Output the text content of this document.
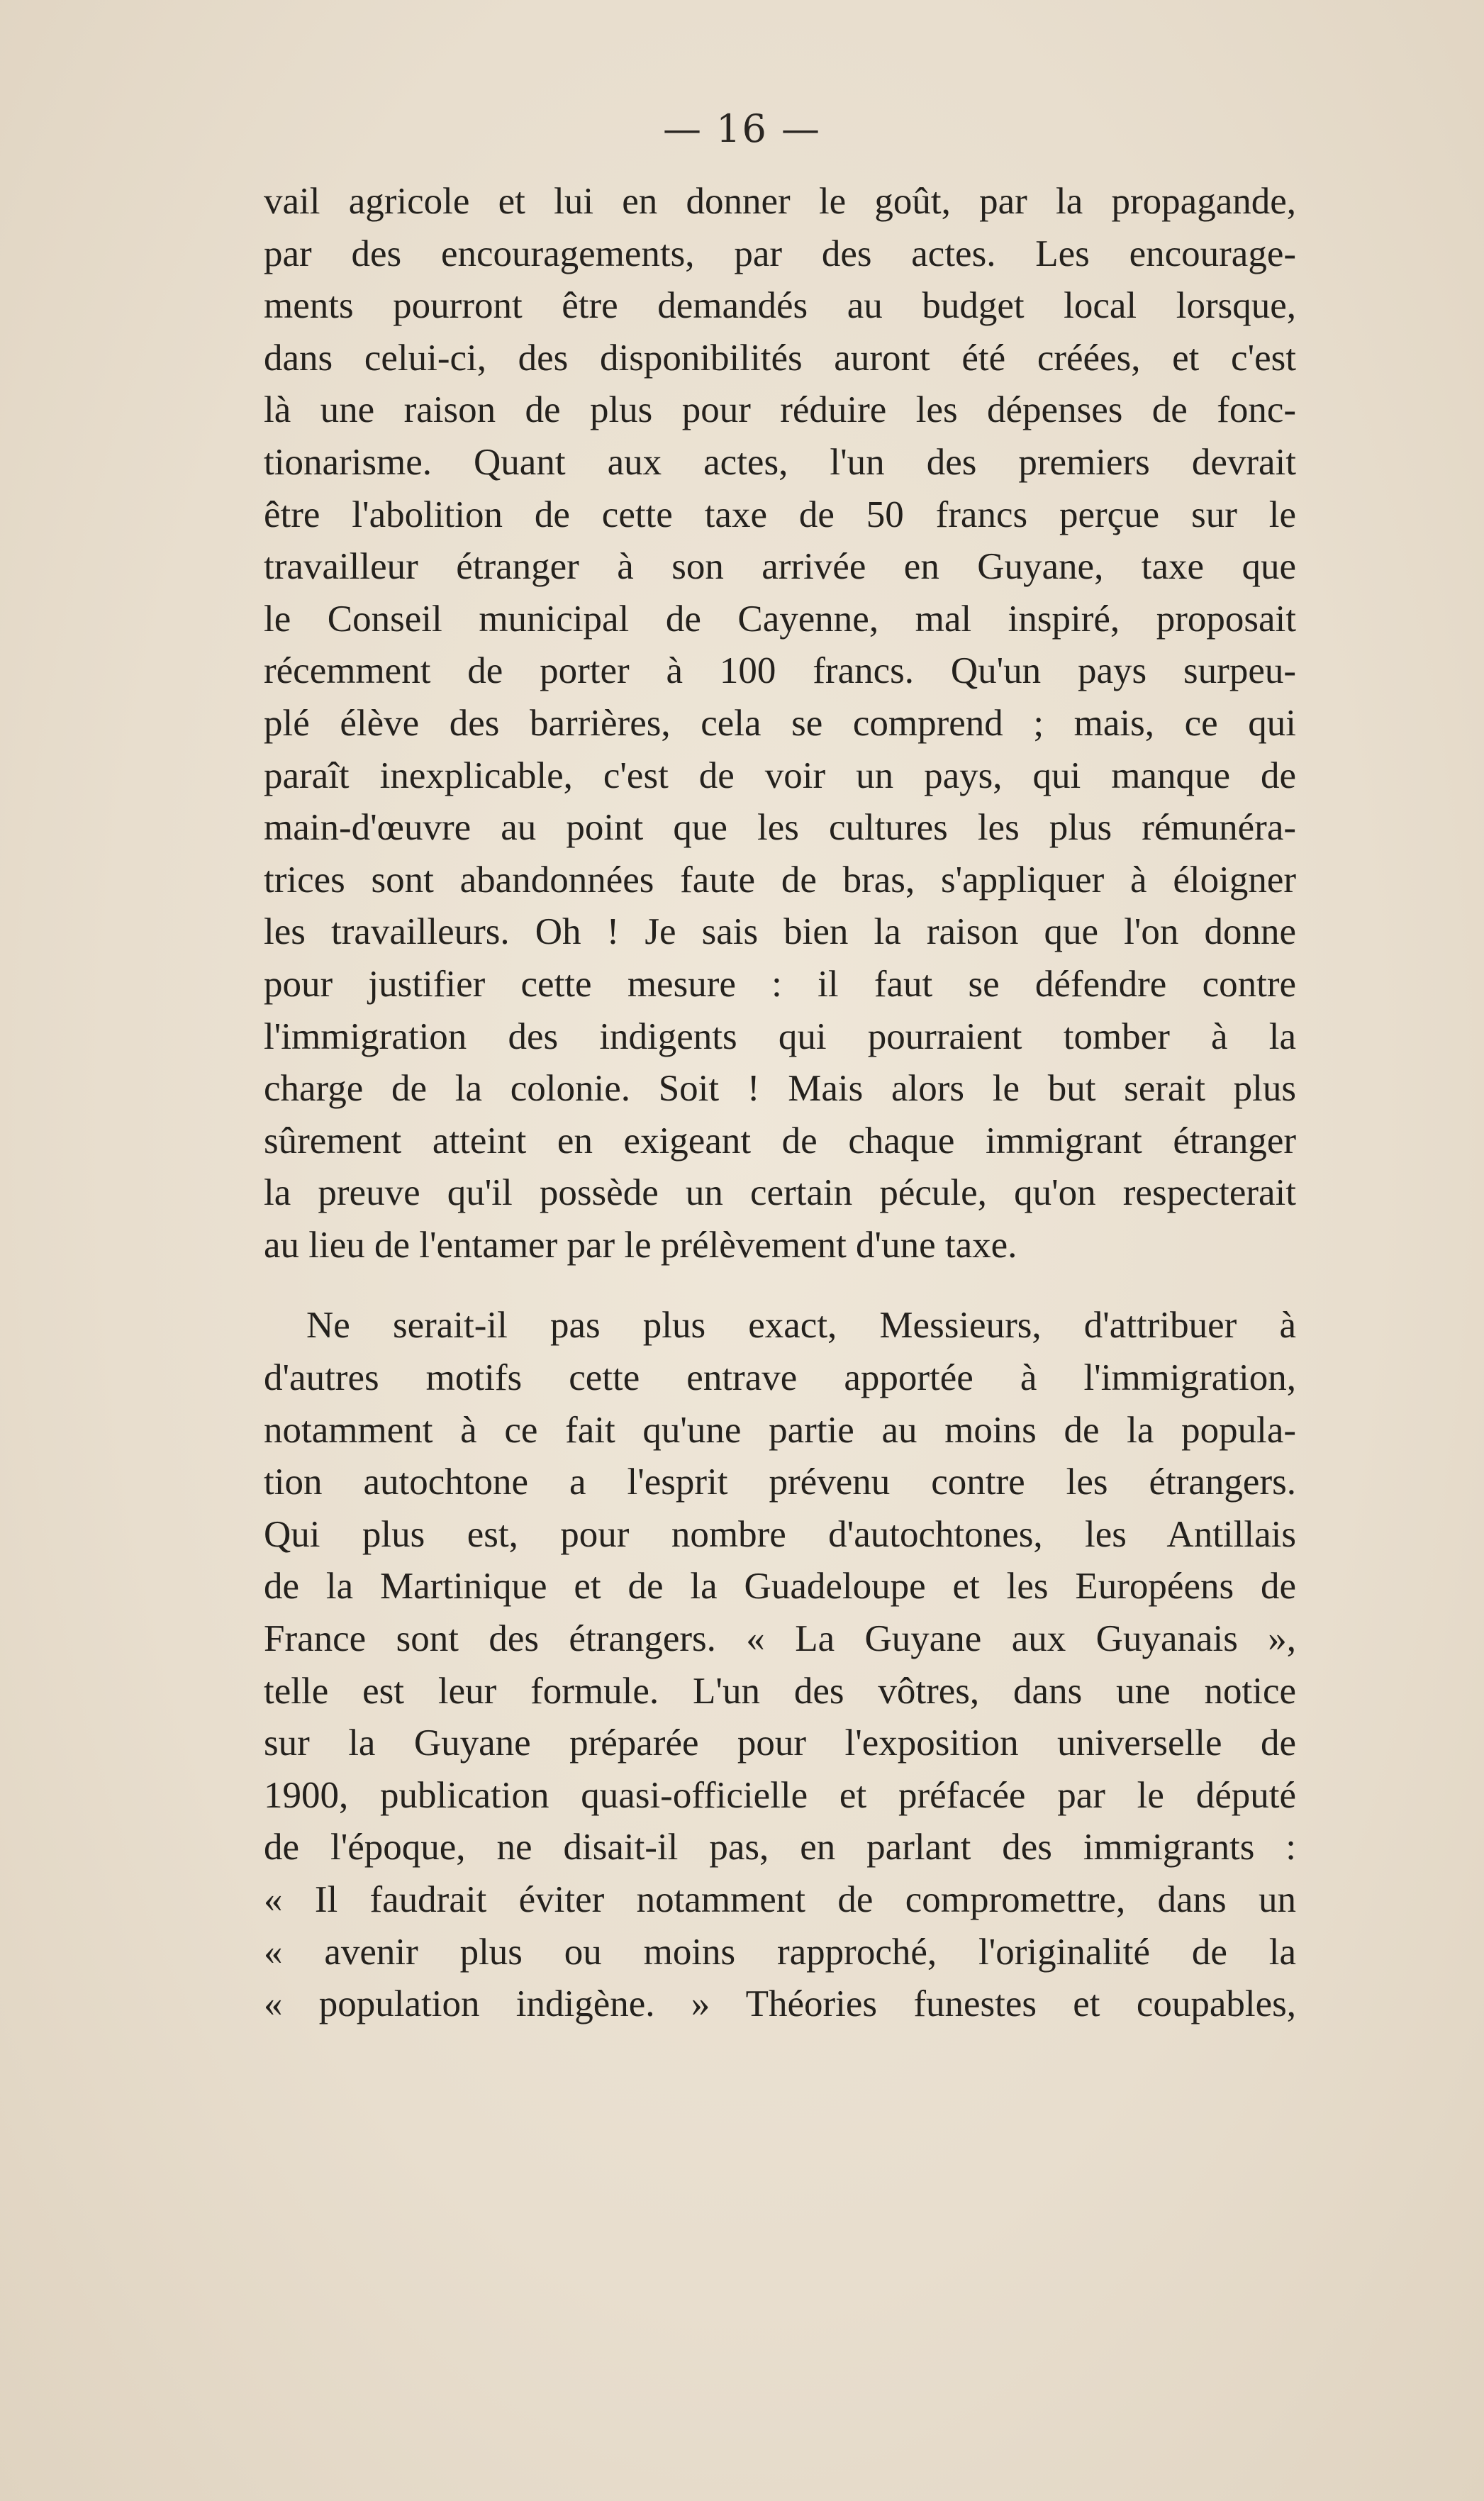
— 16 —

vail agricole et lui en donner le goût, par la propagande,
par des encouragements, par des actes. Les encourage-
ments pourront être demandés au budget local lorsque,
dans celui-ci, des disponibilités auront été créées, et c'est
là une raison de plus pour réduire les dépenses de fonc-
tionarisme. Quant aux actes, l'un des premiers devrait
être l'abolition de cette taxe de 50 francs perçue sur le
travailleur étranger à son arrivée en Guyane, taxe que
le Conseil municipal de Cayenne, mal inspiré, proposait
récemment de porter à 100 francs. Qu'un pays surpeu-
plé élève des barrières, cela se comprend ; mais, ce qui
paraît inexplicable, c'est de voir un pays, qui manque de
main-d'œuvre au point que les cultures les plus rémunéra-
trices sont abandonnées faute de bras, s'appliquer à éloigner
les travailleurs. Oh ! Je sais bien la raison que l'on donne
pour justifier cette mesure : il faut se défendre contre
l'immigration des indigents qui pourraient tomber à la
charge de la colonie. Soit ! Mais alors le but serait plus
sûrement atteint en exigeant de chaque immigrant étranger
la preuve qu'il possède un certain pécule, qu'on respecterait
au lieu de l'entamer par le prélèvement d'une taxe.

Ne serait-il pas plus exact, Messieurs, d'attribuer à
d'autres motifs cette entrave apportée à l'immigration,
notamment à ce fait qu'une partie au moins de la popula-
tion autochtone a l'esprit prévenu contre les étrangers.
Qui plus est, pour nombre d'autochtones, les Antillais
de la Martinique et de la Guadeloupe et les Européens de
France sont des étrangers. « La Guyane aux Guyanais »,
telle est leur formule. L'un des vôtres, dans une notice
sur la Guyane préparée pour l'exposition universelle de
1900, publication quasi-officielle et préfacée par le député
de l'époque, ne disait-il pas, en parlant des immigrants :
« Il faudrait éviter notamment de compromettre, dans un
« avenir plus ou moins rapproché, l'originalité de la
« population indigène. » Théories funestes et coupables,
